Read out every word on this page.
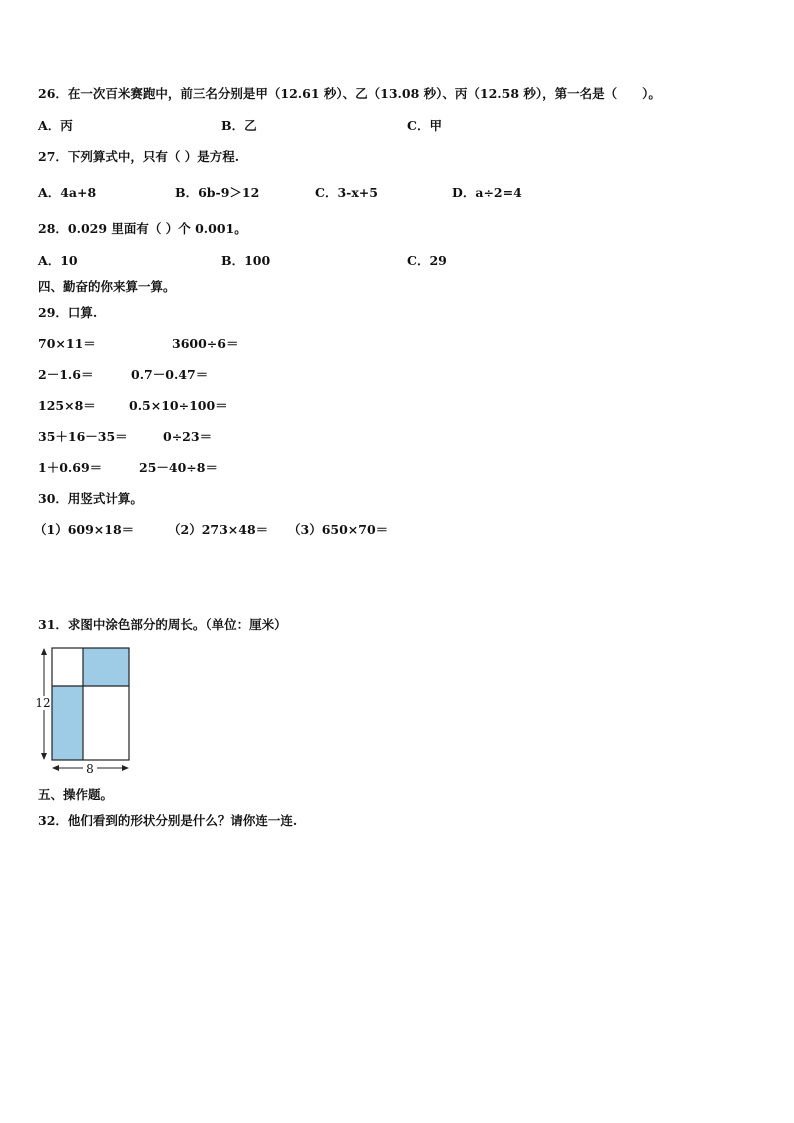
26．在一次百米赛跑中，前三名分别是甲（12.61 秒）、乙（13.08 秒）、丙（12.58 秒），第一名是（　　）。
A．丙	B．乙	C．甲
27．下列算式中，只有（ ）是方程.
A．4a+8	B．6b-9＞12	C．3-x+5	D．a÷2=4
28．0.029 里面有（ ）个 0.001。
A．10	B．100	C．29
四、勤奋的你来算一算。
29．口算.
70×11＝	3600÷6＝
2－1.6＝	0.7－0.47＝
125×8＝	0.5×10÷100＝
35＋16－35＝	0÷23＝
1＋0.69＝	25－40÷8＝
30．用竖式计算。
（1）609×18＝	（2）273×48＝ （3）650×70＝
31．求图中涂色部分的周长。（单位：厘米）
12
8
五、操作题。
32．他们看到的形状分别是什么？请你连一连.
